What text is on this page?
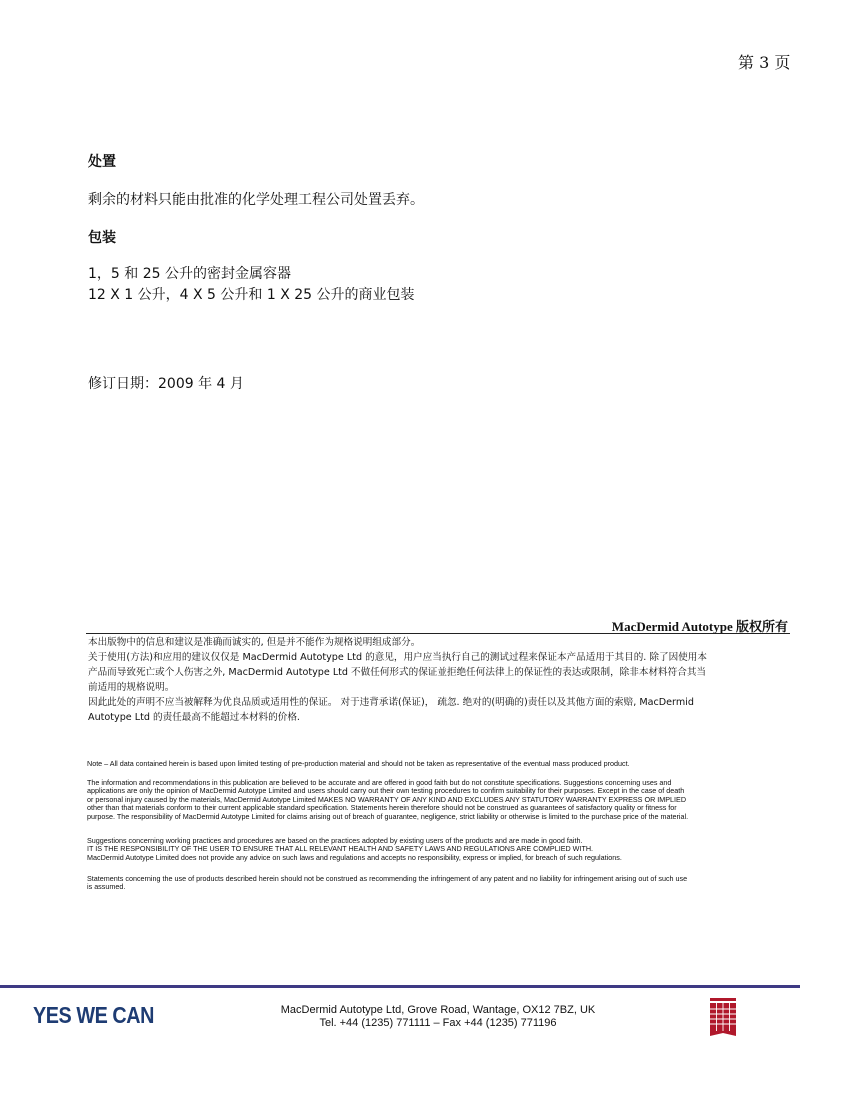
第 3 页
处置
剩余的材料只能由批准的化学处理工程公司处置丢弃。
包装
1，5 和 25 公升的密封金属容器
12 X 1 公升，4 X 5 公升和 1 X 25 公升的商业包装
修订日期：2009 年 4 月
MacDermid Autotype 版权所有
本出版物中的信息和建议是准确而诚实的, 但是并不能作为规格说明组成部分。
关于使用(方法)和应用的建议仅仅是 MacDermid Autotype Ltd 的意见，用户应当执行自己的测试过程来保证本产品适用于其目的. 除了因使用本
产品而导致死亡或个人伤害之外, MacDermid Autotype Ltd 不做任何形式的保证並拒绝任何法律上的保证性的表达或限制，除非本材料符合其当
前适用的规格说明。
因此此处的声明不应当被解释为优良品质或适用性的保证。 对于违背承诺(保证)， 疏忽. 绝对的(明确的)责任以及其他方面的索赔, MacDermid
Autotype Ltd 的责任最高不能超过本材料的价格.
Note – All data contained herein is based upon limited testing of pre-production material and should not be taken as representative of the eventual mass produced product.
The information and recommendations in this publication are believed to be accurate and are offered in good faith but do not constitute specifications. Suggestions concerning uses and
applications are only the opinion of MacDermid Autotype Limited and users should carry out their own testing procedures to confirm suitability for their purposes. Except in the case of death
or personal injury caused by the materials, MacDermid Autotype Limited MAKES NO WARRANTY OF ANY KIND AND EXCLUDES ANY STATUTORY WARRANTY EXPRESS OR IMPLIED
other than that materials conform to their current applicable standard specification. Statements herein therefore should not be construed as guarantees of satisfactory quality or fitness for
purpose. The responsibility of MacDermid Autotype Limited for claims arising out of breach of guarantee, negligence, strict liability or otherwise is limited to the purchase price of the material.
Suggestions concerning working practices and procedures are based on the practices adopted by existing users of the products and are made in good faith.
IT IS THE RESPONSIBILITY OF THE USER TO ENSURE THAT ALL RELEVANT HEALTH AND SAFETY LAWS AND REGULATIONS ARE COMPLIED WITH.
MacDermid Autotype Limited does not provide any advice on such laws and regulations and accepts no responsibility, express or implied, for breach of such regulations.
Statements concerning the use of products described herein should not be construed as recommending the infringement of any patent and no liability for infringement arising out of such use
is assumed.
YES WE CAN	MacDermid Autotype Ltd, Grove Road, Wantage, OX12 7BZ, UK
Tel. +44 (1235) 771111 – Fax +44 (1235) 771196
